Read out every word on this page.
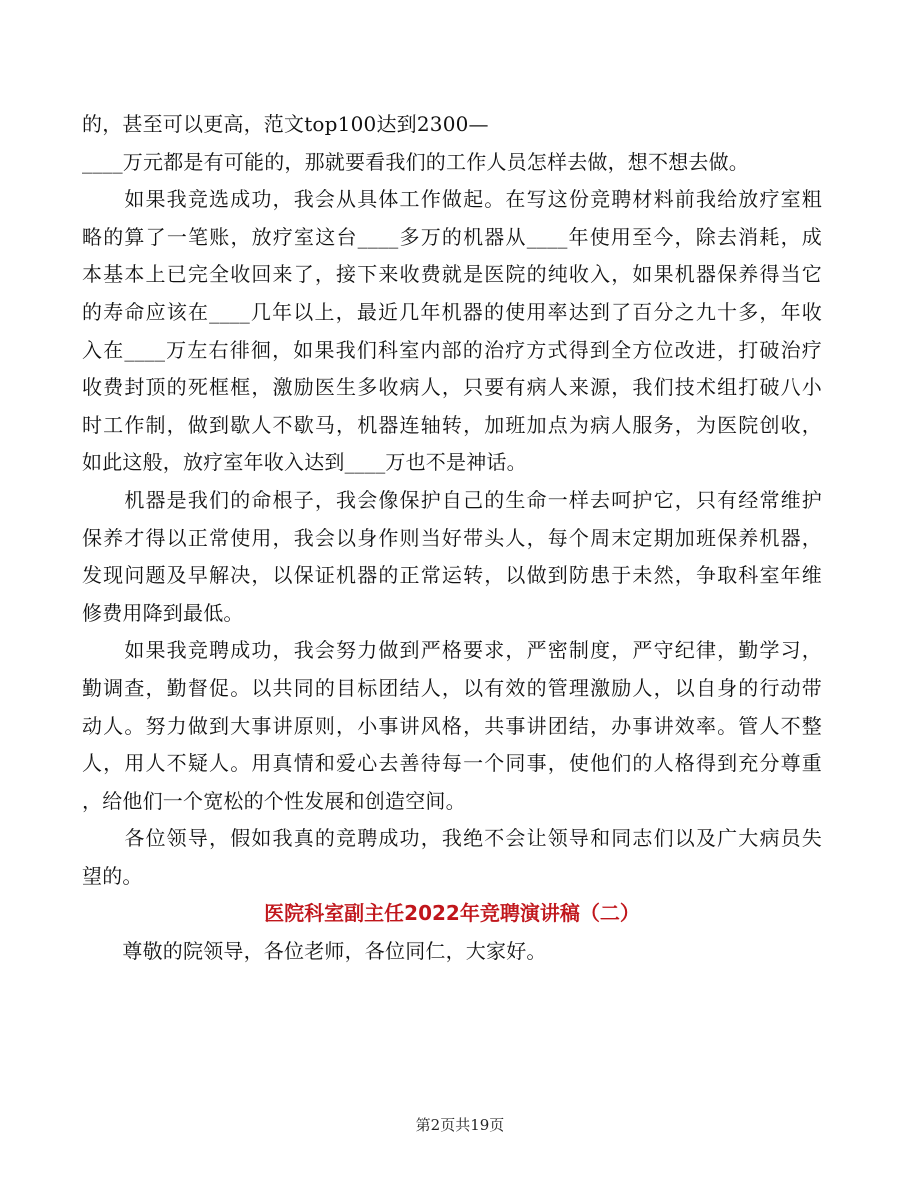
的，甚至可以更高，范文top100达到2300—
____万元都是有可能的，那就要看我们的工作人员怎样去做，想不想去做。
　　如果我竞选成功，我会从具体工作做起。在写这份竞聘材料前我给放疗室粗
略的算了一笔账，放疗室这台____多万的机器从____年使用至今，除去消耗，成
本基本上已完全收回来了，接下来收费就是医院的纯收入，如果机器保养得当它
的寿命应该在____几年以上，最近几年机器的使用率达到了百分之九十多，年收
入在____万左右徘徊，如果我们科室内部的治疗方式得到全方位改进，打破治疗
收费封顶的死框框，激励医生多收病人，只要有病人来源，我们技术组打破八小
时工作制，做到歇人不歇马，机器连轴转，加班加点为病人服务，为医院创收，
如此这般，放疗室年收入达到____万也不是神话。
　　机器是我们的命根子，我会像保护自己的生命一样去呵护它，只有经常维护
保养才得以正常使用，我会以身作则当好带头人，每个周末定期加班保养机器，
发现问题及早解决，以保证机器的正常运转，以做到防患于未然，争取科室年维
修费用降到最低。
　　如果我竞聘成功，我会努力做到严格要求，严密制度，严守纪律，勤学习，
勤调查，勤督促。以共同的目标团结人，以有效的管理激励人，以自身的行动带
动人。努力做到大事讲原则，小事讲风格，共事讲团结，办事讲效率。管人不整
人，用人不疑人。用真情和爱心去善待每一个同事，使他们的人格得到充分尊重
，给他们一个宽松的个性发展和创造空间。
　　各位领导，假如我真的竞聘成功，我绝不会让领导和同志们以及广大病员失
望的。
医院科室副主任2022年竞聘演讲稿（二）
　　尊敬的院领导，各位老师，各位同仁，大家好。
第2页共19页
